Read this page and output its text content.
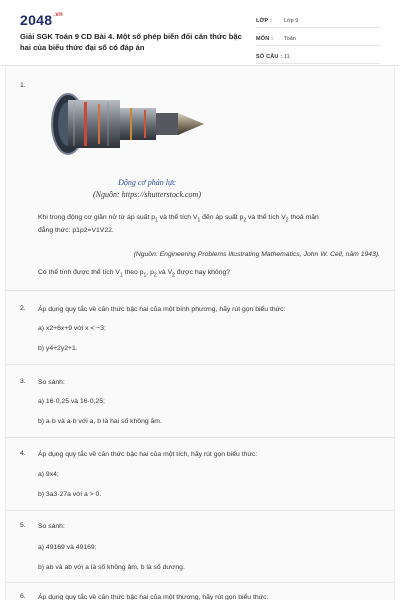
$2048^{.vn}$
Giải SGK Toán 9 CD Bài 4. Một số phép biến đổi căn thức bậc hai của biểu thức đại số có đáp án
LỚP :	Lớp 9
MÔN :	Toán
SỐ CÂU : 11
1.
Động cơ phản lực
(Nguồn: https://shutterstock.com)
Khi trong động cơ giãn nở từ áp suất $p_1$ và thể tích $V_1$ đến áp suất $p_2$ và thể tích $V_2$ thoả mãn
đẳng thức: p1p2=V1V22.
(Nguồn: Engineering Problems Illustrating Mathematics, John W. Cell, năm 1943).
Có thể tính được thể tích $V_1$ theo $p_1$, $p_2$ và $V_2$ được hay không?
2. Áp dụng quy tắc về căn thức bậc hai của một bình phương, hãy rút gọn biểu thức:
a) x2+6x+9 với x < −3;
b) y4+2y2+1.
3. So sánh:
a) 16·0,25 và 16·0,25;
b) a·b và a·b với a, b là hai số không âm.
4. Áp dụng quy tắc về căn thức bậc hai của một tích, hãy rút gọn biểu thức:
a) 9x4;
b) 3a3·27a với a > 0.
5. So sánh:
a) 49169 và 49169;
b) ab và ab với a là số không âm, b là số dương.
6. Áp dụng quy tắc về căn thức bậc hai của một thương, hãy rút gọn biểu thức:
